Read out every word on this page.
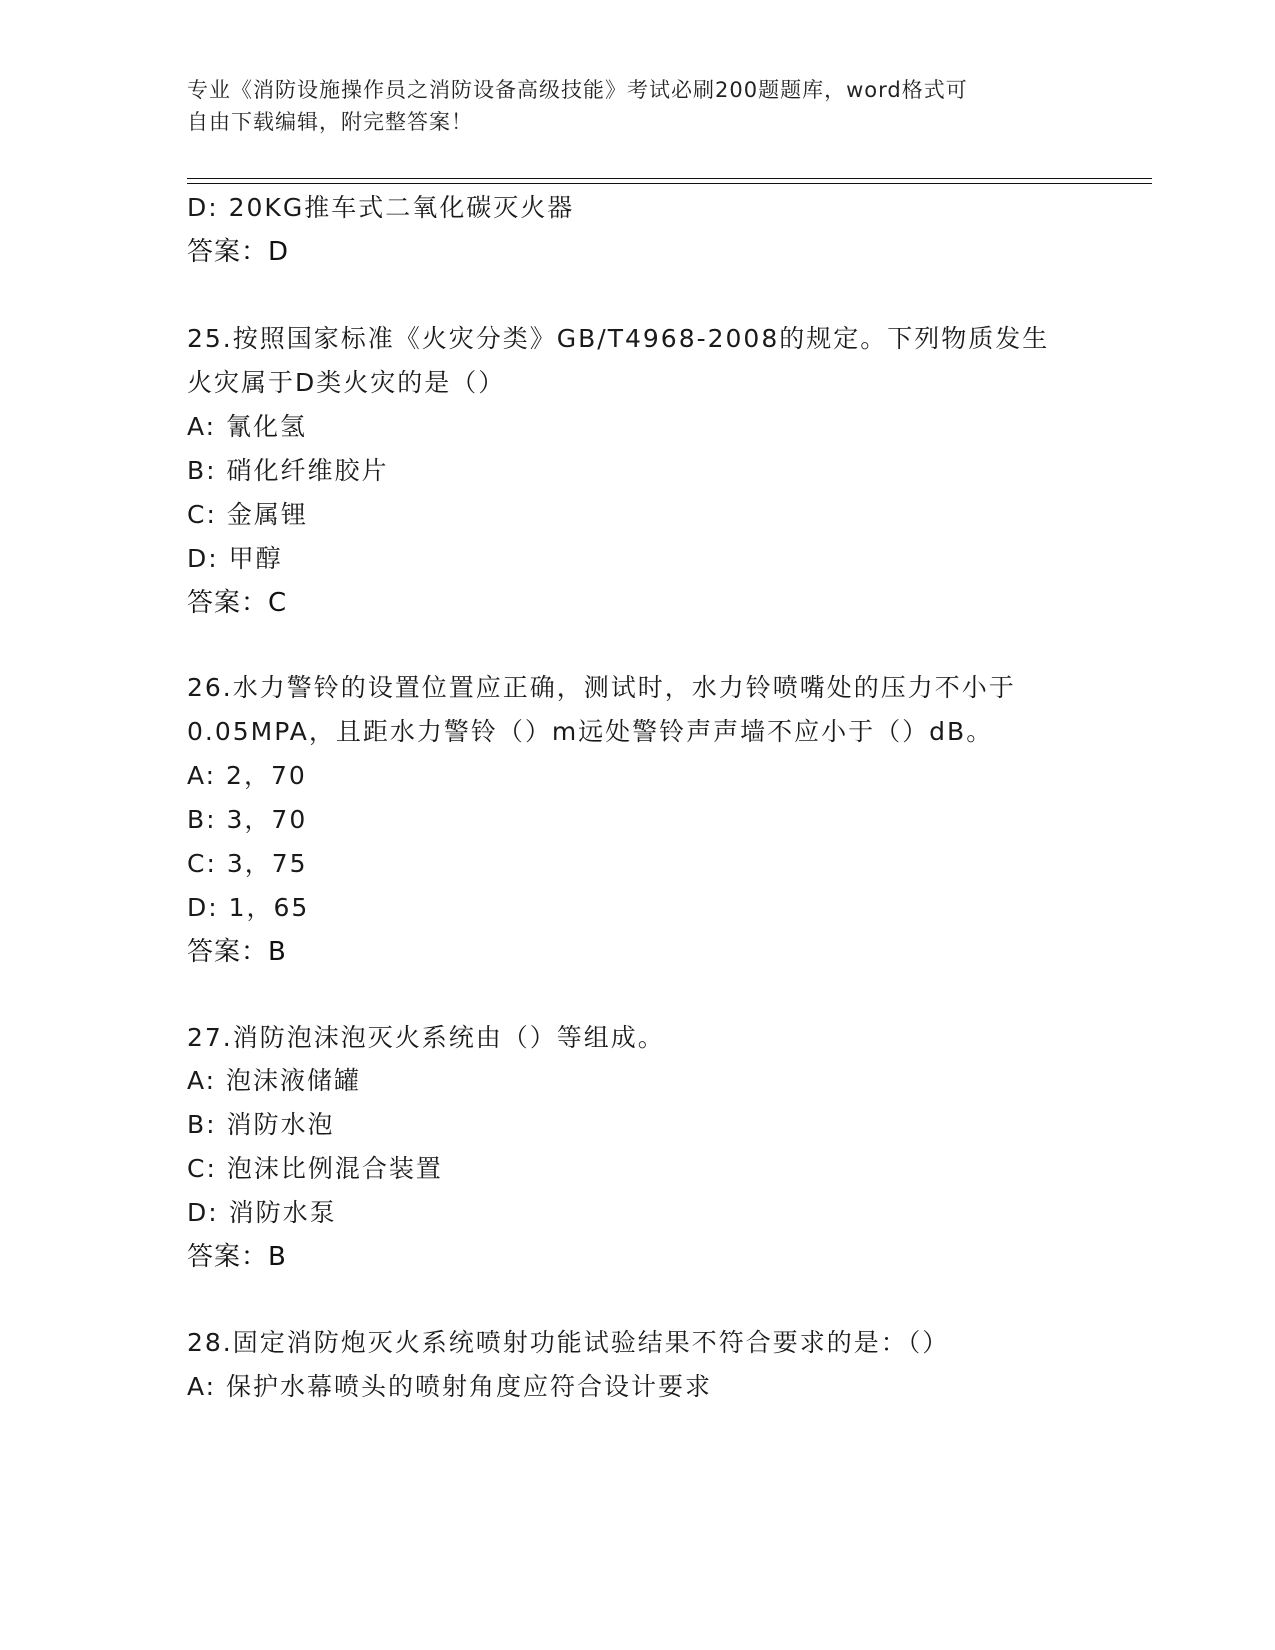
专业《消防设施操作员之消防设备高级技能》考试必刷200题题库，word格式可
自由下载编辑，附完整答案！
D: 20KG推车式二氧化碳灭火器
答案：D
25.按照国家标准《火灾分类》GB/T4968-2008的规定。下列物质发生
火灾属于D类火灾的是（）
A: 氰化氢
B: 硝化纤维胶片
C: 金属锂
D: 甲醇
答案：C
26.水力警铃的设置位置应正确，测试时，水力铃喷嘴处的压力不小于
0.05MPA，且距水力警铃（）m远处警铃声声墙不应小于（）dB。
A: 2，70
B: 3，70
C: 3，75
D: 1，65
答案：B
27.消防泡沫泡灭火系统由（）等组成。
A: 泡沫液储罐
B: 消防水泡
C: 泡沫比例混合装置
D: 消防水泵
答案：B
28.固定消防炮灭火系统喷射功能试验结果不符合要求的是：（）
A: 保护水幕喷头的喷射角度应符合设计要求
